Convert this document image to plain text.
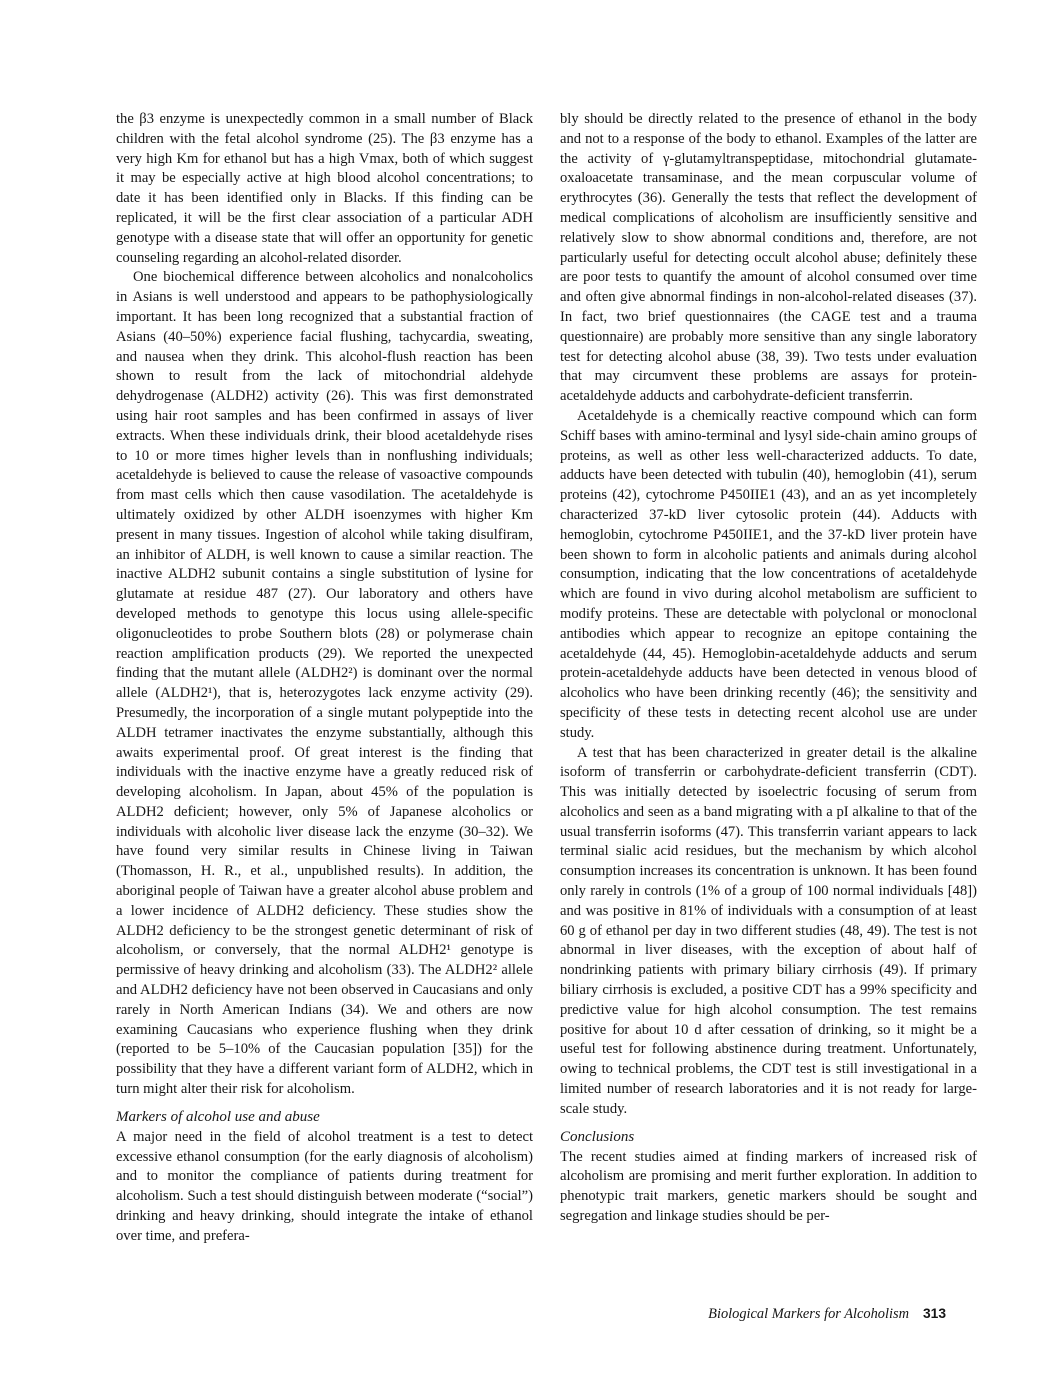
the β3 enzyme is unexpectedly common in a small number of Black children with the fetal alcohol syndrome (25). The β3 enzyme has a very high Km for ethanol but has a high Vmax, both of which suggest it may be especially active at high blood alcohol concentrations; to date it has been identified only in Blacks. If this finding can be replicated, it will be the first clear association of a particular ADH genotype with a disease state that will offer an opportunity for genetic counseling regarding an alcohol-related disorder.

One biochemical difference between alcoholics and nonalcoholics in Asians is well understood and appears to be pathophysiologically important. It has been long recognized that a substantial fraction of Asians (40–50%) experience facial flushing, tachycardia, sweating, and nausea when they drink. This alcohol-flush reaction has been shown to result from the lack of mitochondrial aldehyde dehydrogenase (ALDH2) activity (26). This was first demonstrated using hair root samples and has been confirmed in assays of liver extracts. When these individuals drink, their blood acetaldehyde rises to 10 or more times higher levels than in nonflushing individuals; acetaldehyde is believed to cause the release of vasoactive compounds from mast cells which then cause vasodilation. The acetaldehyde is ultimately oxidized by other ALDH isoenzymes with higher Km present in many tissues. Ingestion of alcohol while taking disulfiram, an inhibitor of ALDH, is well known to cause a similar reaction. The inactive ALDH2 subunit contains a single substitution of lysine for glutamate at residue 487 (27). Our laboratory and others have developed methods to genotype this locus using allele-specific oligonucleotides to probe Southern blots (28) or polymerase chain reaction amplification products (29). We reported the unexpected finding that the mutant allele (ALDH2²) is dominant over the normal allele (ALDH2¹), that is, heterozygotes lack enzyme activity (29). Presumedly, the incorporation of a single mutant polypeptide into the ALDH tetramer inactivates the enzyme substantially, although this awaits experimental proof. Of great interest is the finding that individuals with the inactive enzyme have a greatly reduced risk of developing alcoholism. In Japan, about 45% of the population is ALDH2 deficient; however, only 5% of Japanese alcoholics or individuals with alcoholic liver disease lack the enzyme (30–32). We have found very similar results in Chinese living in Taiwan (Thomasson, H. R., et al., unpublished results). In addition, the aboriginal people of Taiwan have a greater alcohol abuse problem and a lower incidence of ALDH2 deficiency. These studies show the ALDH2 deficiency to be the strongest genetic determinant of risk of alcoholism, or conversely, that the normal ALDH2¹ genotype is permissive of heavy drinking and alcoholism (33). The ALDH2² allele and ALDH2 deficiency have not been observed in Caucasians and only rarely in North American Indians (34). We and others are now examining Caucasians who experience flushing when they drink (reported to be 5–10% of the Caucasian population [35]) for the possibility that they have a different variant form of ALDH2, which in turn might alter their risk for alcoholism.

Markers of alcohol use and abuse

A major need in the field of alcohol treatment is a test to detect excessive ethanol consumption (for the early diagnosis of alcoholism) and to monitor the compliance of patients during treatment for alcoholism. Such a test should distinguish between moderate (“social”) drinking and heavy drinking, should integrate the intake of ethanol over time, and prefera-

bly should be directly related to the presence of ethanol in the body and not to a response of the body to ethanol. Examples of the latter are the activity of γ-glutamyltranspeptidase, mitochondrial glutamate-oxaloacetate transaminase, and the mean corpuscular volume of erythrocytes (36). Generally the tests that reflect the development of medical complications of alcoholism are insufficiently sensitive and relatively slow to show abnormal conditions and, therefore, are not particularly useful for detecting occult alcohol abuse; definitely these are poor tests to quantify the amount of alcohol consumed over time and often give abnormal findings in non-alcohol-related diseases (37). In fact, two brief questionnaires (the CAGE test and a trauma questionnaire) are probably more sensitive than any single laboratory test for detecting alcohol abuse (38, 39). Two tests under evaluation that may circumvent these problems are assays for protein-acetaldehyde adducts and carbohydrate-deficient transferrin.

Acetaldehyde is a chemically reactive compound which can form Schiff bases with amino-terminal and lysyl side-chain amino groups of proteins, as well as other less well-characterized adducts. To date, adducts have been detected with tubulin (40), hemoglobin (41), serum proteins (42), cytochrome P450IIE1 (43), and an as yet incompletely characterized 37-kD liver cytosolic protein (44). Adducts with hemoglobin, cytochrome P450IIE1, and the 37-kD liver protein have been shown to form in alcoholic patients and animals during alcohol consumption, indicating that the low concentrations of acetaldehyde which are found in vivo during alcohol metabolism are sufficient to modify proteins. These are detectable with polyclonal or monoclonal antibodies which appear to recognize an epitope containing the acetaldehyde (44, 45). Hemoglobin-acetaldehyde adducts and serum protein-acetaldehyde adducts have been detected in venous blood of alcoholics who have been drinking recently (46); the sensitivity and specificity of these tests in detecting recent alcohol use are under study.

A test that has been characterized in greater detail is the alkaline isoform of transferrin or carbohydrate-deficient transferrin (CDT). This was initially detected by isoelectric focusing of serum from alcoholics and seen as a band migrating with a pI alkaline to that of the usual transferrin isoforms (47). This transferrin variant appears to lack terminal sialic acid residues, but the mechanism by which alcohol consumption increases its concentration is unknown. It has been found only rarely in controls (1% of a group of 100 normal individuals [48]) and was positive in 81% of individuals with a consumption of at least 60 g of ethanol per day in two different studies (48, 49). The test is not abnormal in liver diseases, with the exception of about half of nondrinking patients with primary biliary cirrhosis (49). If primary biliary cirrhosis is excluded, a positive CDT has a 99% specificity and predictive value for high alcohol consumption. The test remains positive for about 10 d after cessation of drinking, so it might be a useful test for following abstinence during treatment. Unfortunately, owing to technical problems, the CDT test is still investigational in a limited number of research laboratories and it is not ready for large-scale study.

Conclusions

The recent studies aimed at finding markers of increased risk of alcoholism are promising and merit further exploration. In addition to phenotypic trait markers, genetic markers should be sought and segregation and linkage studies should be per-

Biological Markers for Alcoholism 313
